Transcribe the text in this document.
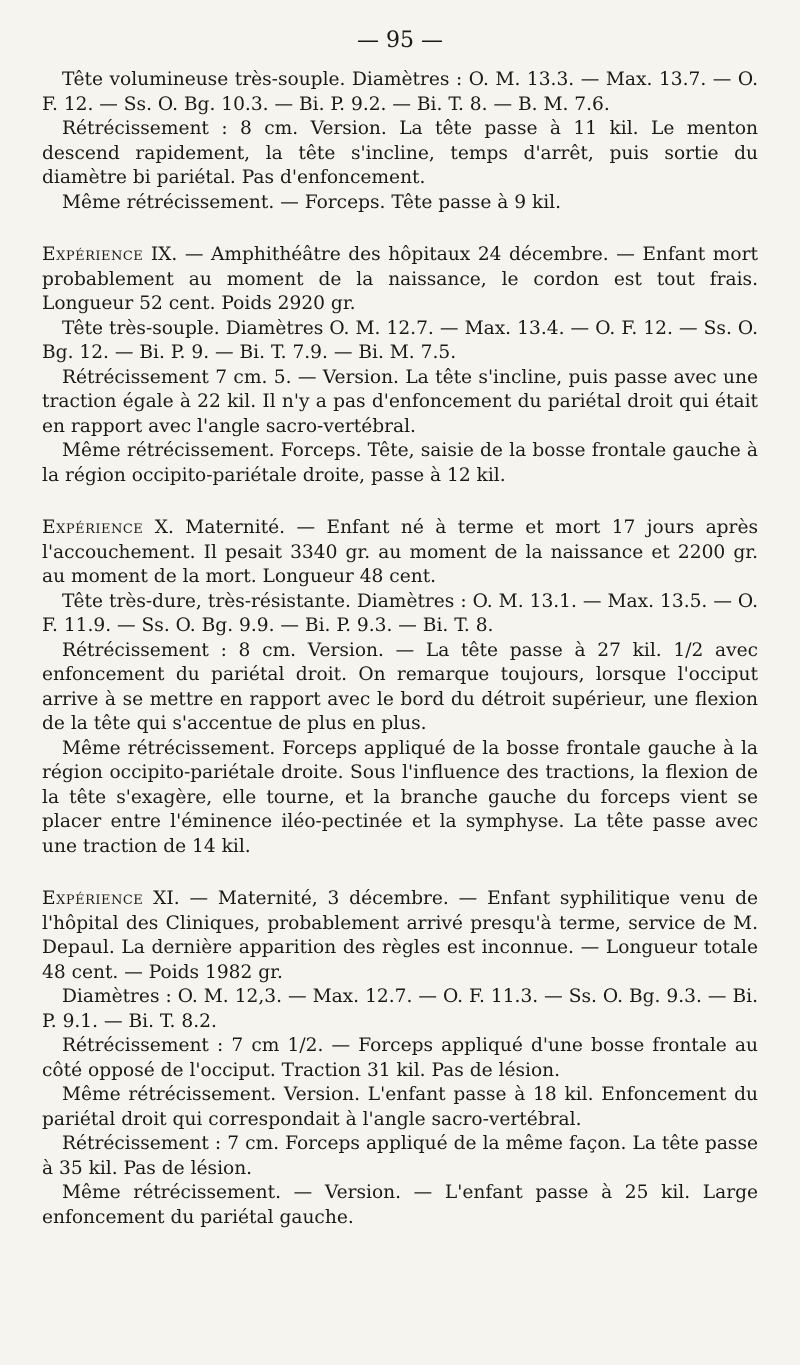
— 95 —

Tête volumineuse très-souple. Diamètres : O. M. 13.3. — Max. 13.7. — O. F. 12. — Ss. O. Bg. 10.3. — Bi. P. 9.2. — Bi. T. 8. — B. M. 7.6.

Rétrécissement : 8 cm. Version. La tête passe à 11 kil. Le menton descend rapidement, la tête s'incline, temps d'arrêt, puis sortie du diamètre bi pariétal. Pas d'enfoncement.

Même rétrécissement. — Forceps. Tête passe à 9 kil.

Expérience IX. — Amphithéâtre des hôpitaux 24 décembre. — Enfant mort probablement au moment de la naissance, le cordon est tout frais. Longueur 52 cent. Poids 2920 gr.

Tête très-souple. Diamètres O. M. 12.7. — Max. 13.4. — O. F. 12. — Ss. O. Bg. 12. — Bi. P. 9. — Bi. T. 7.9. — Bi. M. 7.5.

Rétrécissement 7 cm. 5. — Version. La tête s'incline, puis passe avec une traction égale à 22 kil. Il n'y a pas d'enfoncement du pariétal droit qui était en rapport avec l'angle sacro-vertébral.

Même rétrécissement. Forceps. Tête, saisie de la bosse frontale gauche à la région occipito-pariétale droite, passe à 12 kil.

Expérience X. Maternité. — Enfant né à terme et mort 17 jours après l'accouchement. Il pesait 3340 gr. au moment de la naissance et 2200 gr. au moment de la mort. Longueur 48 cent.

Tête très-dure, très-résistante. Diamètres : O. M. 13.1. — Max. 13.5. — O. F. 11.9. — Ss. O. Bg. 9.9. — Bi. P. 9.3. — Bi. T. 8.

Rétrécissement : 8 cm. Version. — La tête passe à 27 kil. 1/2 avec enfoncement du pariétal droit. On remarque toujours, lorsque l'occiput arrive à se mettre en rapport avec le bord du détroit supérieur, une flexion de la tête qui s'accentue de plus en plus.

Même rétrécissement. Forceps appliqué de la bosse frontale gauche à la région occipito-pariétale droite. Sous l'influence des tractions, la flexion de la tête s'exagère, elle tourne, et la branche gauche du forceps vient se placer entre l'éminence iléo-pectinée et la symphyse. La tête passe avec une traction de 14 kil.

Expérience XI. — Maternité, 3 décembre. — Enfant syphilitique venu de l'hôpital des Cliniques, probablement arrivé presqu'à terme, service de M. Depaul. La dernière apparition des règles est inconnue. — Longueur totale 48 cent. — Poids 1982 gr.

Diamètres : O. M. 12,3. — Max. 12.7. — O. F. 11.3. — Ss. O. Bg. 9.3. — Bi. P. 9.1. — Bi. T. 8.2.

Rétrécissement : 7 cm 1/2. — Forceps appliqué d'une bosse frontale au côté opposé de l'occiput. Traction 31 kil. Pas de lésion.

Même rétrécissement. Version. L'enfant passe à 18 kil. Enfoncement du pariétal droit qui correspondait à l'angle sacro-vertébral.

Rétrécissement : 7 cm. Forceps appliqué de la même façon. La tête passe à 35 kil. Pas de lésion.

Même rétrécissement. — Version. — L'enfant passe à 25 kil. Large enfoncement du pariétal gauche.
